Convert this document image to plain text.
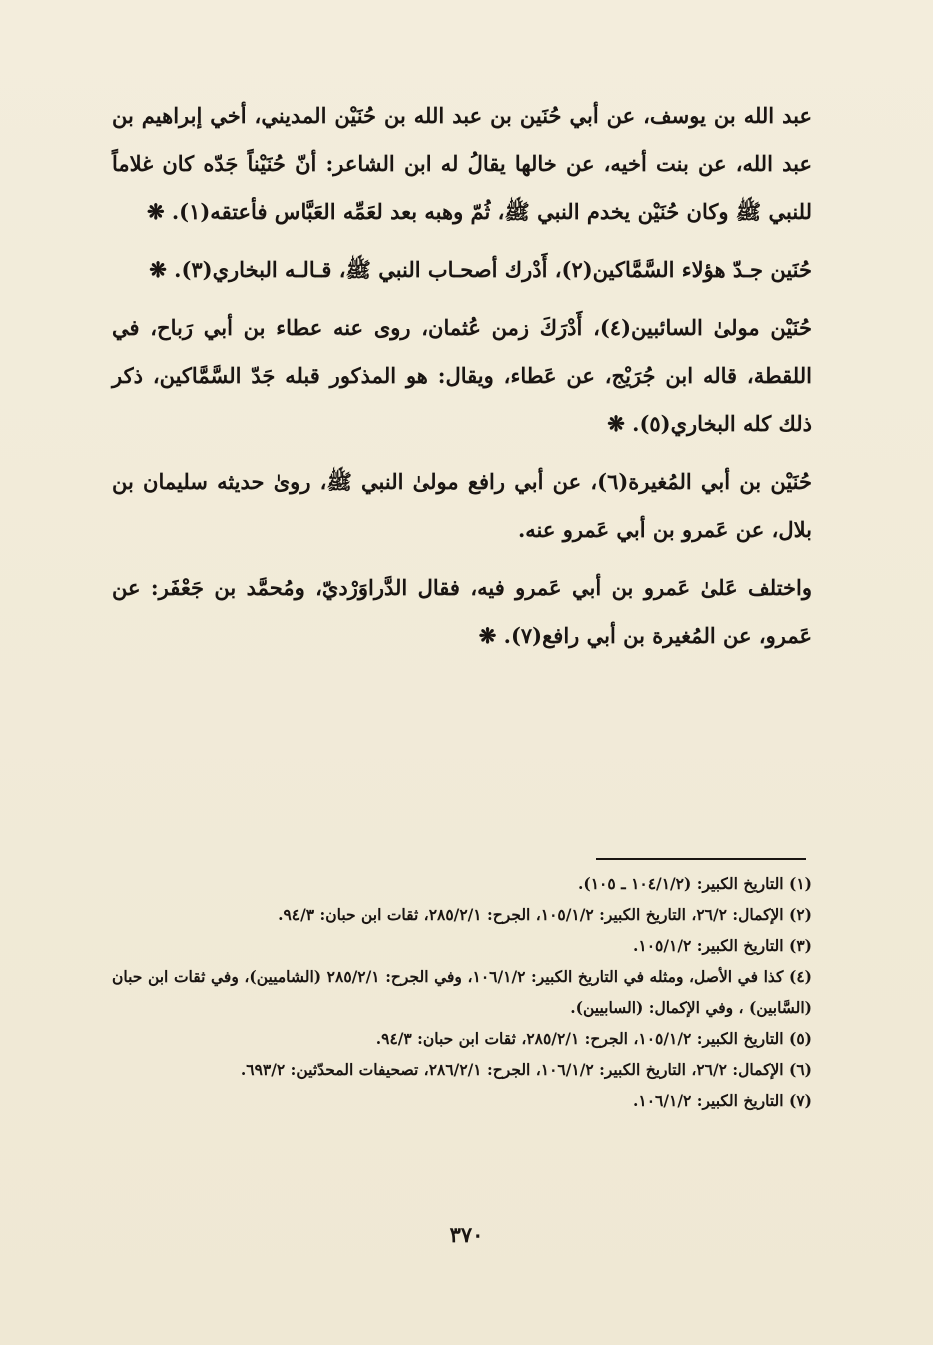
عبد الله بن يوسف، عن أبي حُنَين بن عبد الله بن حُنَيْن المديني، أخي إبراهيم بن عبد الله، عن بنت أخيه، عن خالها يقالُ له ابن الشاعر: أنّ حُنَيْناً جَدّه كان غلاماً للنبي ﷺ وكان حُنَيْن يخدم النبي ﷺ، ثُمّ وهبه بعد لعَمِّه العَبَّاس فأعتقه(١). ❋

حُنَين جـدّ هؤلاء السَّمَّاكين(٢)، أَدْرك أصحـاب النبي ﷺ، قـالـه البخاري(٣). ❋

حُنَيْن مولىٰ السائبين(٤)، أَدْرَكَ زمن عُثمان، روى عنه عطاء بن أبي رَباح، في اللقطة، قاله ابن جُرَيْج، عن عَطاء، ويقال: هو المذكور قبله جَدّ السَّمَّاكين، ذكر ذلك كله البخاري(٥). ❋

حُنَيْن بن أبي المُغيرة(٦)، عن أبي رافع مولىٰ النبي ﷺ، روىٰ حديثه سليمان بن بلال، عن عَمرو بن أبي عَمرو عنه.

واختلف عَلىٰ عَمرو بن أبي عَمرو فيه، فقال الدَّراوَرْديّ، ومُحمَّد بن جَعْفَر: عن عَمرو، عن المُغيرة بن أبي رافع(٧). ❋

(١) التاريخ الكبير: (١٠٤/١/٢ ـ ١٠٥).

(٢) الإكمال: ٢٦/٢، التاريخ الكبير: ١٠٥/١/٢، الجرح: ٢٨٥/٢/١، ثقات ابن حبان: ٩٤/٣.

(٣) التاريخ الكبير: ١٠٥/١/٢.

(٤) كذا في الأصل، ومثله في التاريخ الكبير: ١٠٦/١/٢، وفي الجرح: ٢٨٥/٢/١ (الشاميين)، وفي ثقات ابن حبان (السَّابين) ، وفي الإكمال: (السابيين).

(٥) التاريخ الكبير: ١٠٥/١/٢، الجرح: ٢٨٥/٢/١، ثقات ابن حبان: ٩٤/٣.

(٦) الإكمال: ٢٦/٢، التاريخ الكبير: ١٠٦/١/٢، الجرح: ٢٨٦/٢/١، تصحيفات المحدّثين: ٦٩٣/٢.

(٧) التاريخ الكبير: ١٠٦/١/٢.

٣٧٠
